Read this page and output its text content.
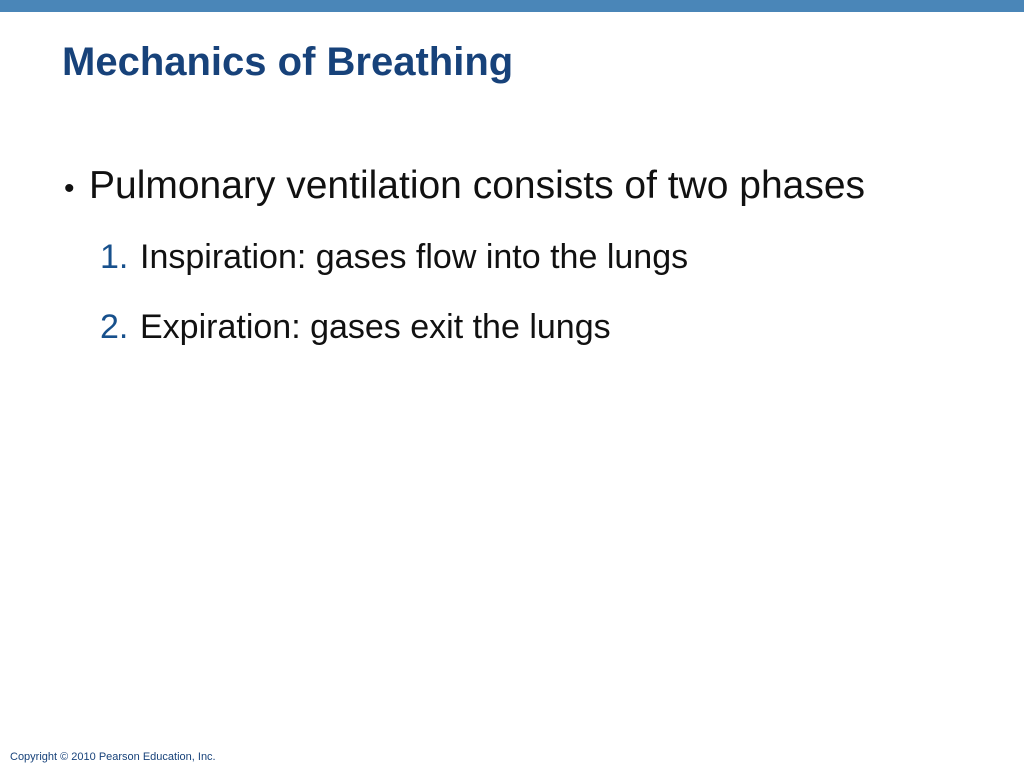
Mechanics of Breathing
• Pulmonary ventilation consists of two phases
1. Inspiration: gases flow into the lungs
2. Expiration: gases exit the lungs
Copyright © 2010 Pearson Education, Inc.
